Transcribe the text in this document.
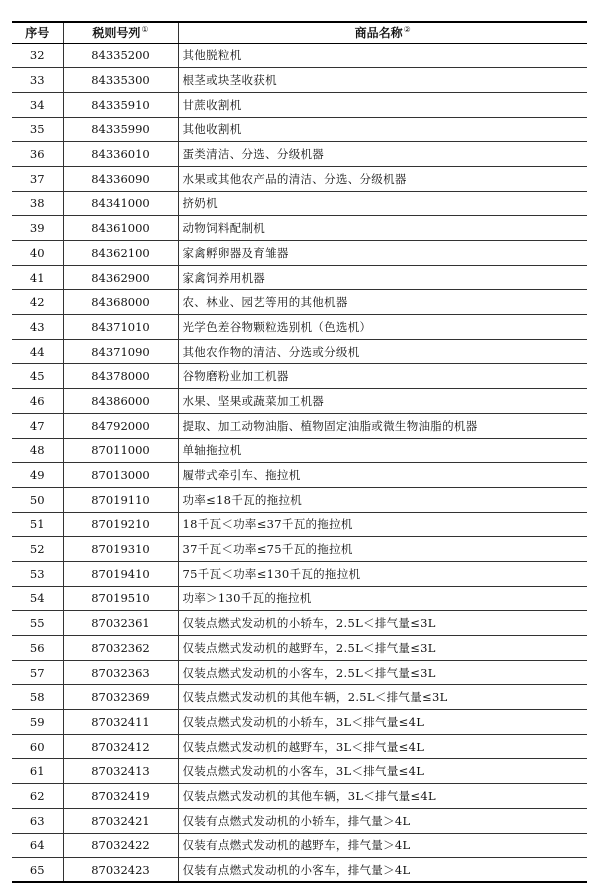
序号	税则号列①	商品名称②
32	84335200	其他脱粒机
33	84335300	根茎或块茎收获机
34	84335910	甘蔗收割机
35	84335990	其他收割机
36	84336010	蛋类清洁、分选、分级机器
37	84336090	水果或其他农产品的清洁、分选、分级机器
38	84341000	挤奶机
39	84361000	动物饲料配制机
40	84362100	家禽孵卵器及育雏器
41	84362900	家禽饲养用机器
42	84368000	农、林业、园艺等用的其他机器
43	84371010	光学色差谷物颗粒选别机（色选机）
44	84371090	其他农作物的清洁、分选或分级机
45	84378000	谷物磨粉业加工机器
46	84386000	水果、坚果或蔬菜加工机器
47	84792000	提取、加工动物油脂、植物固定油脂或微生物油脂的机器
48	87011000	单轴拖拉机
49	87013000	履带式牵引车、拖拉机
50	87019110	功率≤18千瓦的拖拉机
51	87019210	18千瓦＜功率≤37千瓦的拖拉机
52	87019310	37千瓦＜功率≤75千瓦的拖拉机
53	87019410	75千瓦＜功率≤130千瓦的拖拉机
54	87019510	功率＞130千瓦的拖拉机
55	87032361	仅装点燃式发动机的小轿车，2.5L＜排气量≤3L
56	87032362	仅装点燃式发动机的越野车，2.5L＜排气量≤3L
57	87032363	仅装点燃式发动机的小客车，2.5L＜排气量≤3L
58	87032369	仅装点燃式发动机的其他车辆，2.5L＜排气量≤3L
59	87032411	仅装点燃式发动机的小轿车，3L＜排气量≤4L
60	87032412	仅装点燃式发动机的越野车，3L＜排气量≤4L
61	87032413	仅装点燃式发动机的小客车，3L＜排气量≤4L
62	87032419	仅装点燃式发动机的其他车辆，3L＜排气量≤4L
63	87032421	仅装有点燃式发动机的小轿车，排气量＞4L
64	87032422	仅装有点燃式发动机的越野车，排气量＞4L
65	87032423	仅装有点燃式发动机的小客车，排气量＞4L
